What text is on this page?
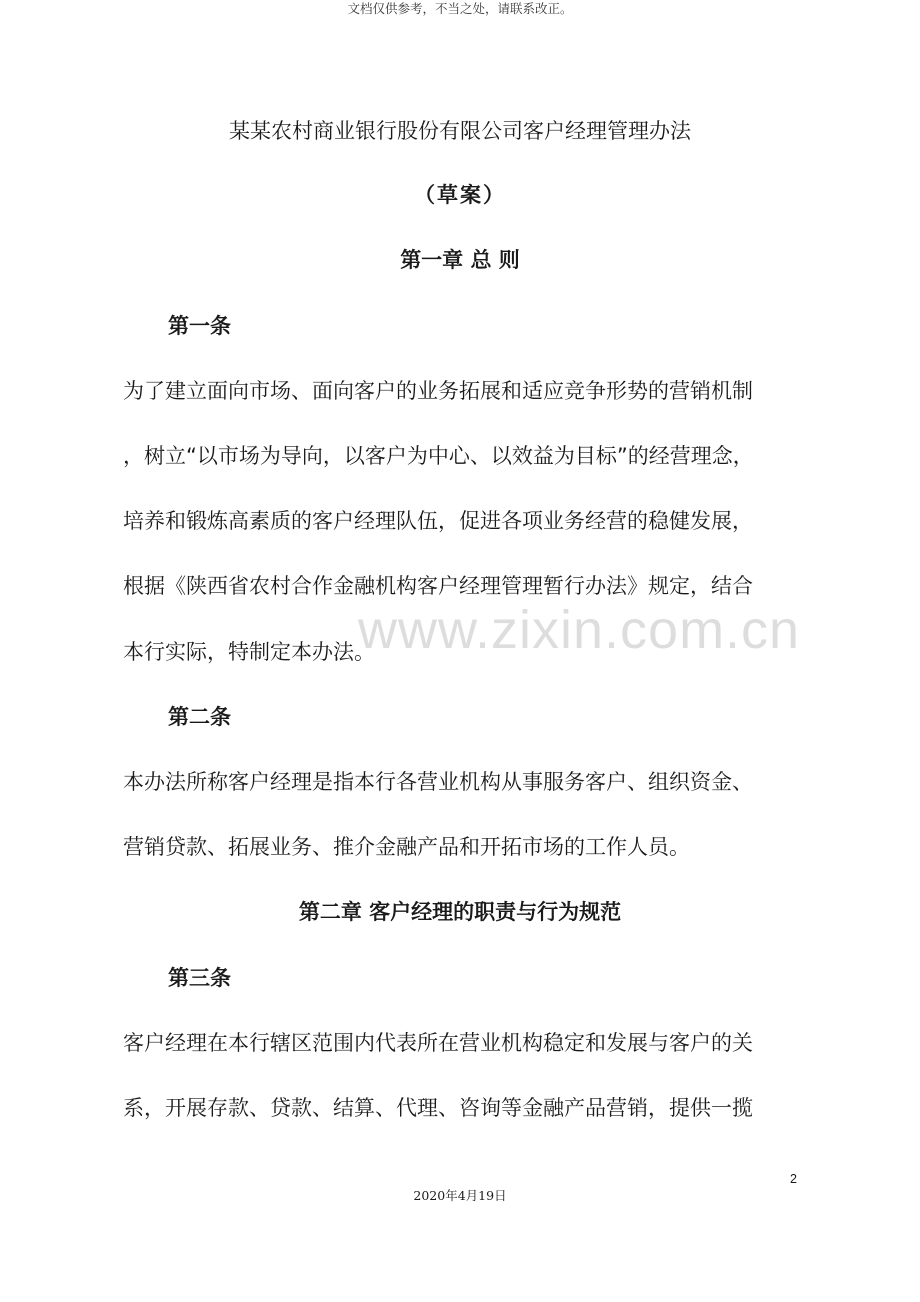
文档仅供参考，不当之处，请联系改正。

某某农村商业银行股份有限公司客户经理管理办法

（草案）

第一章 总 则

第一条

为了建立面向市场、面向客户的业务拓展和适应竞争形势的营销机制

，树立“以市场为导向，以客户为中心、以效益为目标”的经营理念，

培养和锻炼高素质的客户经理队伍，促进各项业务经营的稳健发展，

根据《陕西省农村合作金融机构客户经理管理暂行办法》规定，结合

本行实际，特制定本办法。

第二条

本办法所称客户经理是指本行各营业机构从事服务客户、组织资金、

营销贷款、拓展业务、推介金融产品和开拓市场的工作人员。

第二章 客户经理的职责与行为规范

第三条

客户经理在本行辖区范围内代表所在营业机构稳定和发展与客户的关

系，开展存款、贷款、结算、代理、咨询等金融产品营销，提供一揽

www.zixin.com.cn

2

2020年4月19日
